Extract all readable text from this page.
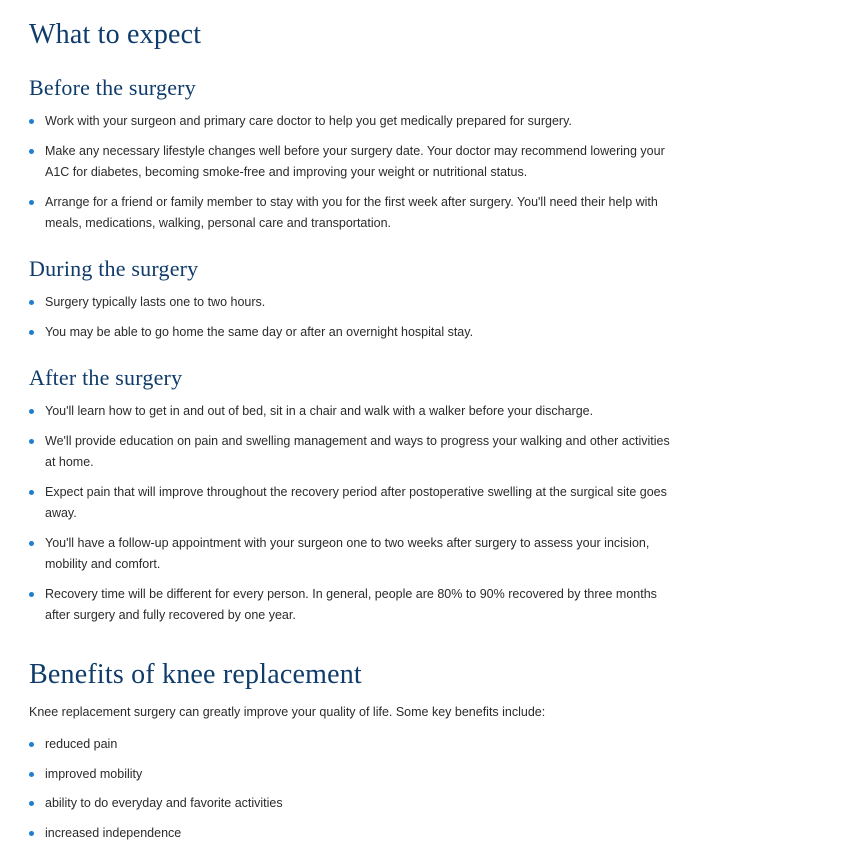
What to expect
Before the surgery
Work with your surgeon and primary care doctor to help you get medically prepared for surgery.
Make any necessary lifestyle changes well before your surgery date. Your doctor may recommend lowering your A1C for diabetes, becoming smoke-free and improving your weight or nutritional status.
Arrange for a friend or family member to stay with you for the first week after surgery. You'll need their help with meals, medications, walking, personal care and transportation.
During the surgery
Surgery typically lasts one to two hours.
You may be able to go home the same day or after an overnight hospital stay.
After the surgery
You'll learn how to get in and out of bed, sit in a chair and walk with a walker before your discharge.
We'll provide education on pain and swelling management and ways to progress your walking and other activities at home.
Expect pain that will improve throughout the recovery period after postoperative swelling at the surgical site goes away.
You'll have a follow-up appointment with your surgeon one to two weeks after surgery to assess your incision, mobility and comfort.
Recovery time will be different for every person. In general, people are 80% to 90% recovered by three months after surgery and fully recovered by one year.
Benefits of knee replacement

Knee replacement surgery can greatly improve your quality of life. Some key benefits include:

reduced pain
improved mobility
ability to do everyday and favorite activities
increased independence
